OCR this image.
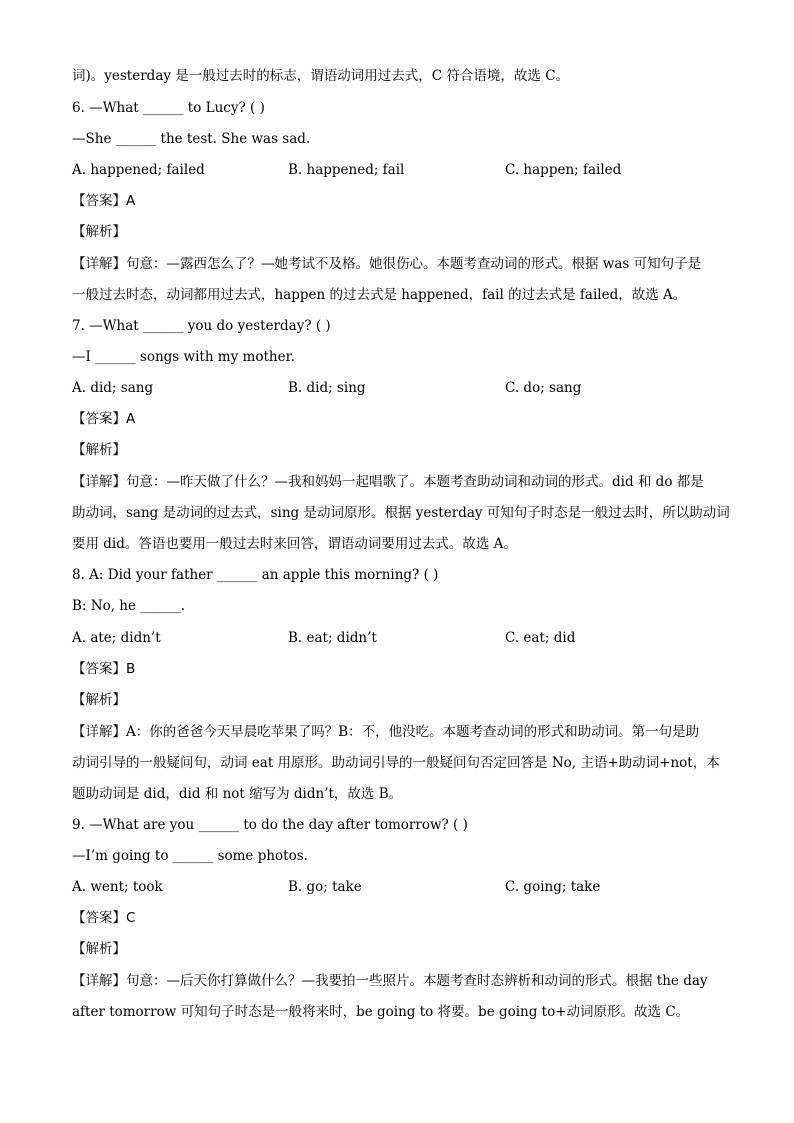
词)。yesterday 是一般过去时的标志，谓语动词用过去式，C 符合语境，故选 C。
6. —What ______ to Lucy? ( )
—She ______ the test. She was sad.
A. happened; failed	B. happened; fail	C. happen; failed
【答案】A
【解析】
【详解】句意：—露西怎么了？—她考试不及格。她很伤心。本题考查动词的形式。根据 was 可知句子是
一般过去时态，动词都用过去式，happen 的过去式是 happened，fail 的过去式是 failed，故选 A。
7. —What ______ you do yesterday? ( )
—I ______ songs with my mother.
A. did; sang	B. did; sing	C. do; sang
【答案】A
【解析】
【详解】句意：—昨天做了什么？—我和妈妈一起唱歌了。本题考查助动词和动词的形式。did 和 do 都是
助动词，sang 是动词的过去式，sing 是动词原形。根据 yesterday 可知句子时态是一般过去时，所以助动词
要用 did。答语也要用一般过去时来回答，谓语动词要用过去式。故选 A。
8. A: Did your father ______ an apple this morning? ( )
B: No, he ______.
A. ate; didn’t	B. eat; didn’t	C. eat; did
【答案】B
【解析】
【详解】A：你的爸爸今天早晨吃苹果了吗？B：不，他没吃。本题考查动词的形式和助动词。第一句是助
动词引导的一般疑问句，动词 eat 用原形。助动词引导的一般疑问句否定回答是 No, 主语+助动词+not，本
题助动词是 did，did 和 not 缩写为 didn’t，故选 B。
9. —What are you ______ to do the day after tomorrow? ( )
—I’m going to ______ some photos.
A. went; took	B. go; take	C. going; take
【答案】C
【解析】
【详解】句意：—后天你打算做什么？—我要拍一些照片。本题考查时态辨析和动词的形式。根据 the day
after tomorrow 可知句子时态是一般将来时，be going to 将要。be going to+动词原形。故选 C。
